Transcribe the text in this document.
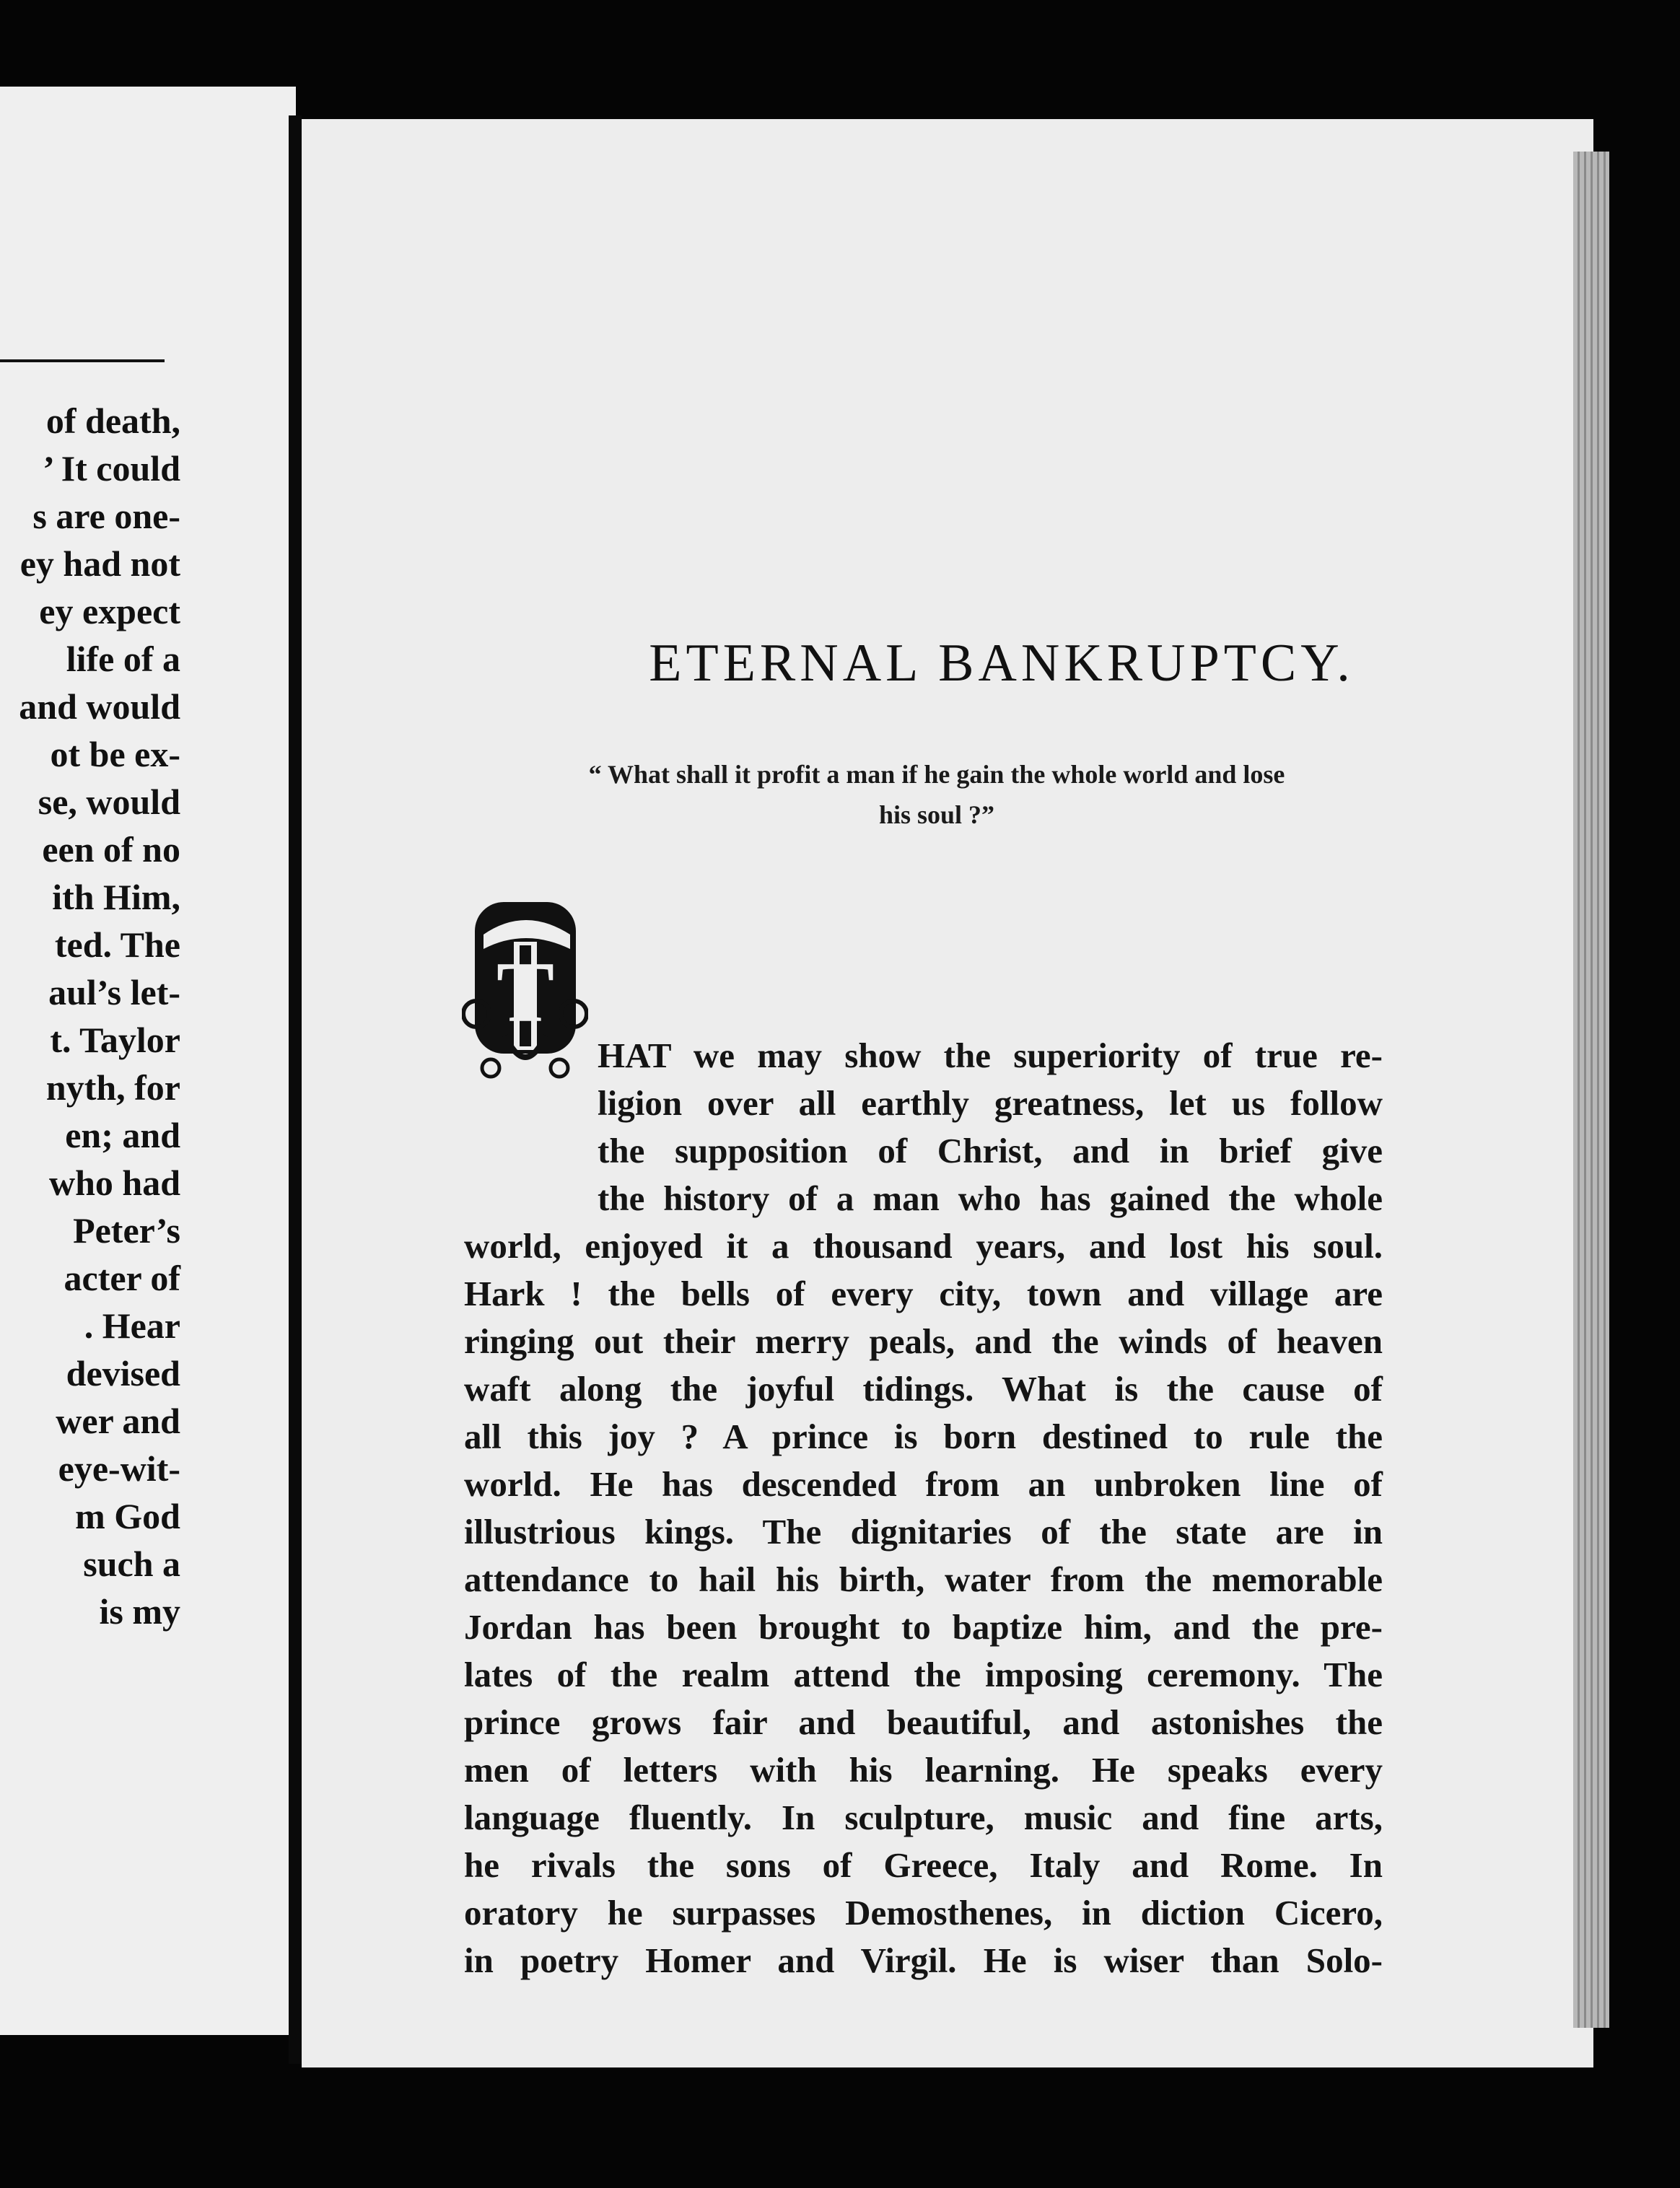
of death,
’ It could
s are one-
ey had not
ey expect
life of a
and would
ot be ex-
se, would
een of no
ith Him,
ted. The
aul’s let-
t. Taylor
nyth, for
en; and
who had
Peter’s
acter of
. Hear
devised
wer and
eye-wit-
m God
such a
is my
ETERNAL BANKRUPTCY.
“ What shall it profit a man if he gain the whole world and lose
his soul ?”
T
HAT we may show the superiority of true re-
ligion over all earthly greatness, let us follow
the supposition of Christ, and in brief give
the history of a man who has gained the whole
world, enjoyed it a thousand years, and lost his soul.
Hark ! the bells of every city, town and village are
ringing out their merry peals, and the winds of heaven
waft along the joyful tidings. What is the cause of
all this joy ? A prince is born destined to rule the
world. He has descended from an unbroken line of
illustrious kings. The dignitaries of the state are in
attendance to hail his birth, water from the memorable
Jordan has been brought to baptize him, and the pre-
lates of the realm attend the imposing ceremony. The
prince grows fair and beautiful, and astonishes the
men of letters with his learning. He speaks every
language fluently. In sculpture, music and fine arts,
he rivals the sons of Greece, Italy and Rome. In
oratory he surpasses Demosthenes, in diction Cicero,
in poetry Homer and Virgil. He is wiser than Solo-
